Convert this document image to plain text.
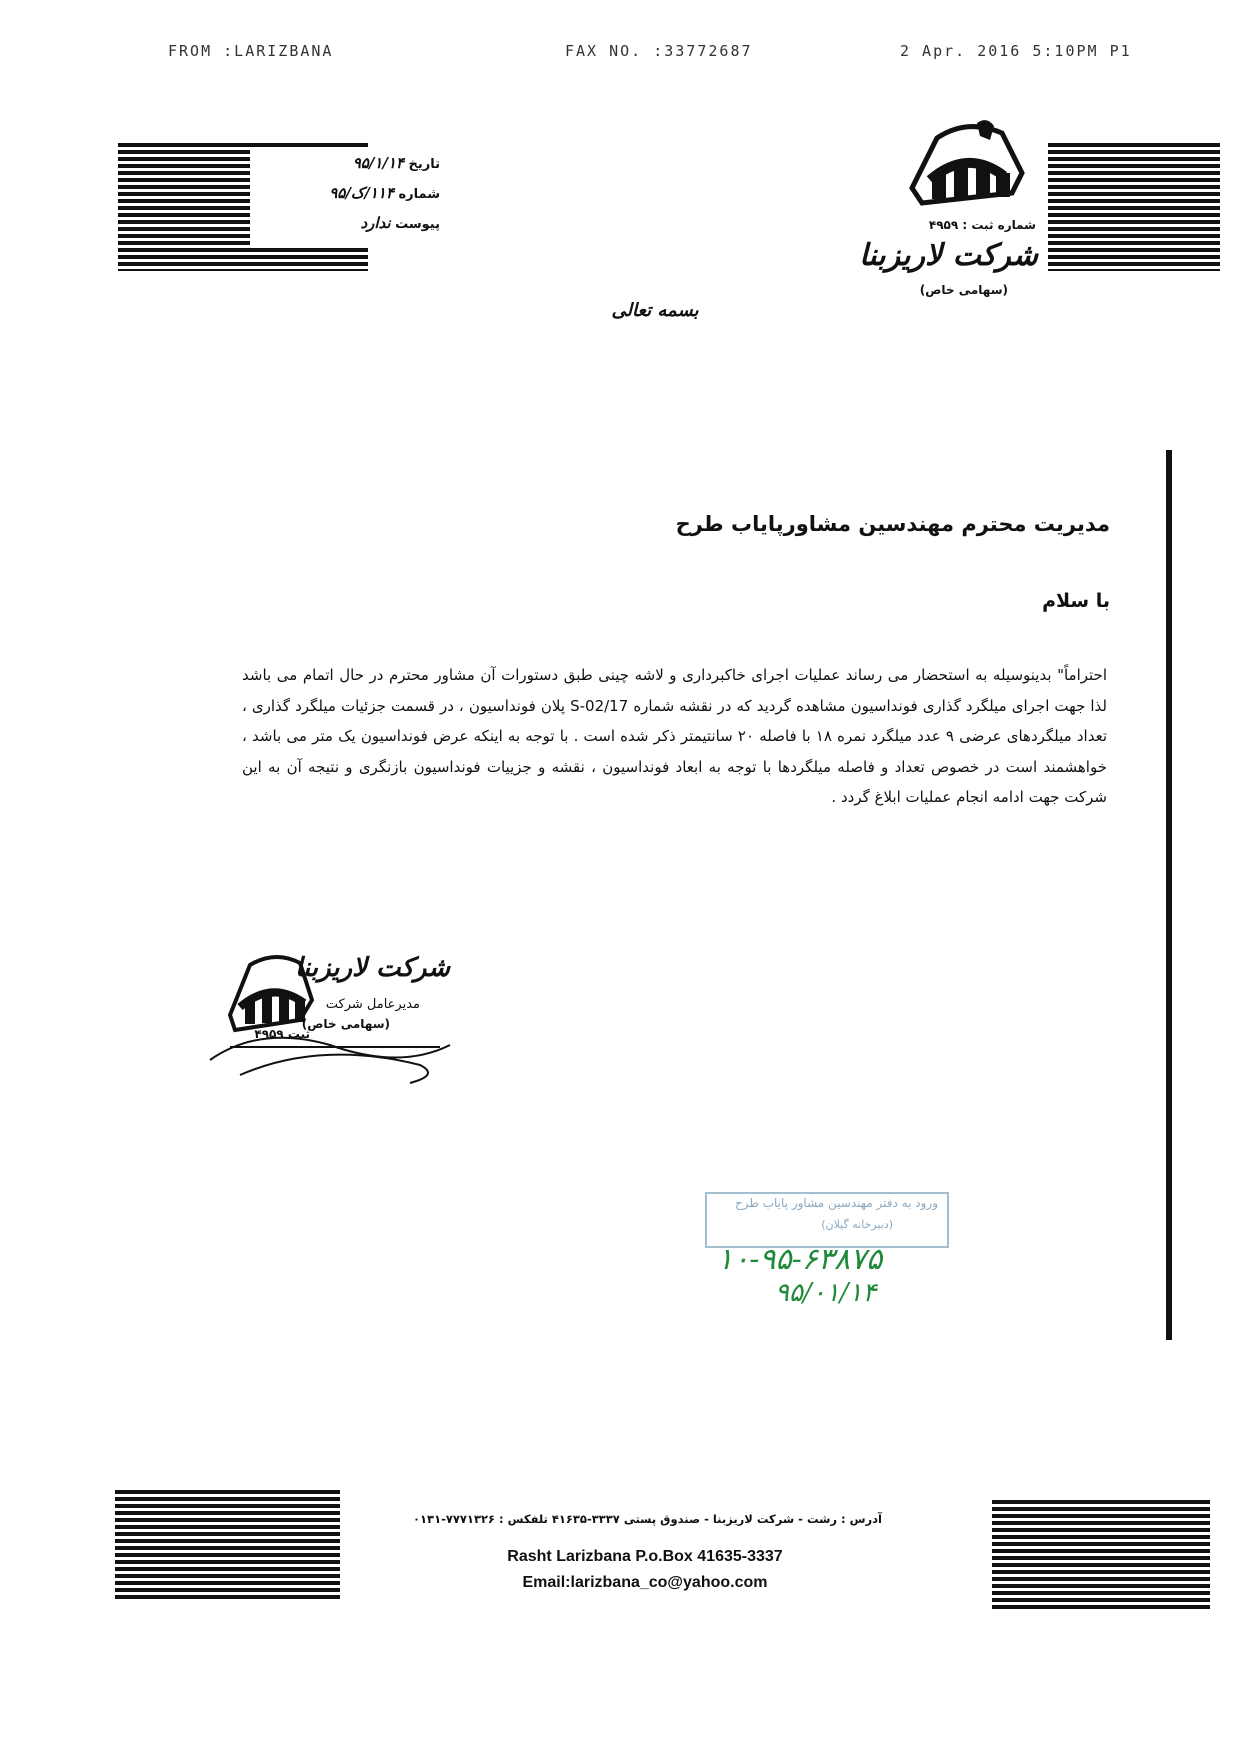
FROM :LARIZBANA	FAX NO. :33772687	2 Apr. 2016 5:10PM P1
تاریخ ۹۵/۱/۱۴
شماره ۱۱۴/ک/۹۵
پیوست ندارد	شماره ثبت : ۴۹۵۹
شرکت لاریزبنا
(سهامی خاص)
بسمه تعالی
مدیریت محترم مهندسین مشاورپایاب طرح
با سلام
احتراماً" بدینوسیله به استحضار می رساند عملیات اجرای خاکبرداری و لاشه چینی طبق دستورات آن مشاور محترم در حال اتمام می باشد لذا جهت اجرای میلگرد گذاری فونداسیون مشاهده گردید که در نقشه شماره S-02/17 پلان فونداسیون ، در قسمت جزئیات میلگرد گذاری ، تعداد میلگردهای عرضی ۹ عدد میلگرد نمره ۱۸ با فاصله ۲۰ سانتیمتر ذکر شده است . با توجه به اینکه عرض فونداسیون یک متر می باشد ، خواهشمند است در خصوص تعداد و فاصله میلگردها با توجه به ابعاد فونداسیون ، نقشه و جزییات فونداسیون بازنگری و نتیجه آن به این شرکت جهت ادامه انجام عملیات ابلاغ گردد .
شرکت لاریزبنا
مدیرعامل شرکت
(سهامی خاص)
ثبت ۴۹۵۹
ورود به دفتر مهندسین مشاور پایاب طرح
(دبیرخانه گیلان)
۱۰-۹۵-۶۳۸۷۵
۹۵/۰۱/۱۴
آدرس : رشت - شرکت لاریزبنا - صندوق پستی ۳۳۳۷-۴۱۶۳۵ تلفکس : ۷۷۷۱۳۲۶-۰۱۳۱
Rasht Larizbana P.o.Box 41635-3337
Email:larizbana_co@yahoo.com
